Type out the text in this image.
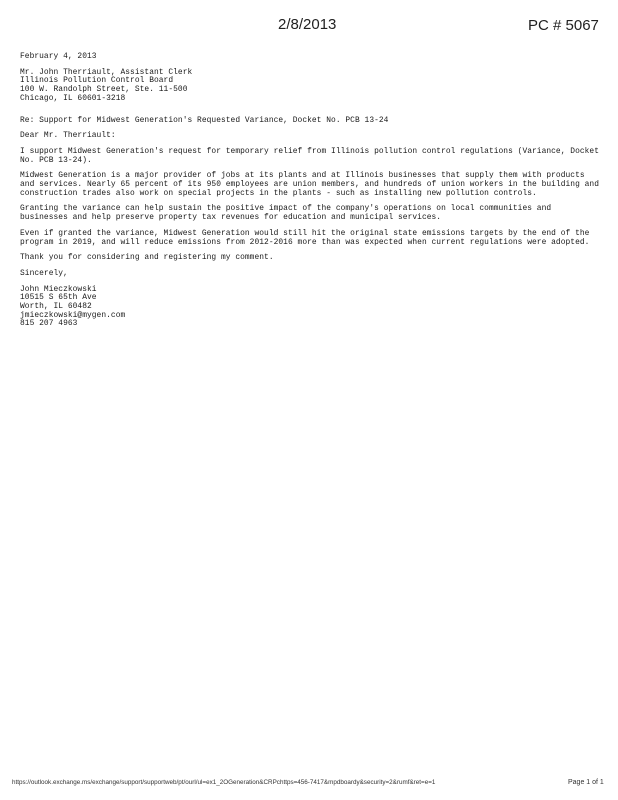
2/8/2013	PC # 5067

February 4, 2013

Mr. John Therriault, Assistant Clerk
Illinois Pollution Control Board
100 W. Randolph Street, Ste. 11-500
Chicago, IL 60601-3218

Re: Support for Midwest Generation's Requested Variance, Docket No. PCB 13-24

Dear Mr. Therriault:

I support Midwest Generation's request for temporary relief from Illinois pollution control regulations (Variance, Docket No. PCB 13-24).

Midwest Generation is a major provider of jobs at its plants and at Illinois businesses that supply them with products and services. Nearly 65 percent of its 950 employees are union members, and hundreds of union workers in the building and construction trades also work on special projects in the plants - such as installing new pollution controls.

Granting the variance can help sustain the positive impact of the company's operations on local communities and businesses and help preserve property tax revenues for education and municipal services.

Even if granted the variance, Midwest Generation would still hit the original state emissions targets by the end of the program in 2019, and will reduce emissions from 2012-2016 more than was expected when current regulations were adopted.

Thank you for considering and registering my comment.

Sincerely,

John Mieczkowski
10515 S 65th Ave
Worth, IL 60482
jmieczkowski@mygen.com
815 207 4963
https://outlook.exchange.ms/exchange/support/supportweb/pt/ourl/ul=ex1_2OGeneration&CRPchttps=456-7417&mpdboardy&security=2&rumf&ret=e=1	Page 1 of 1
